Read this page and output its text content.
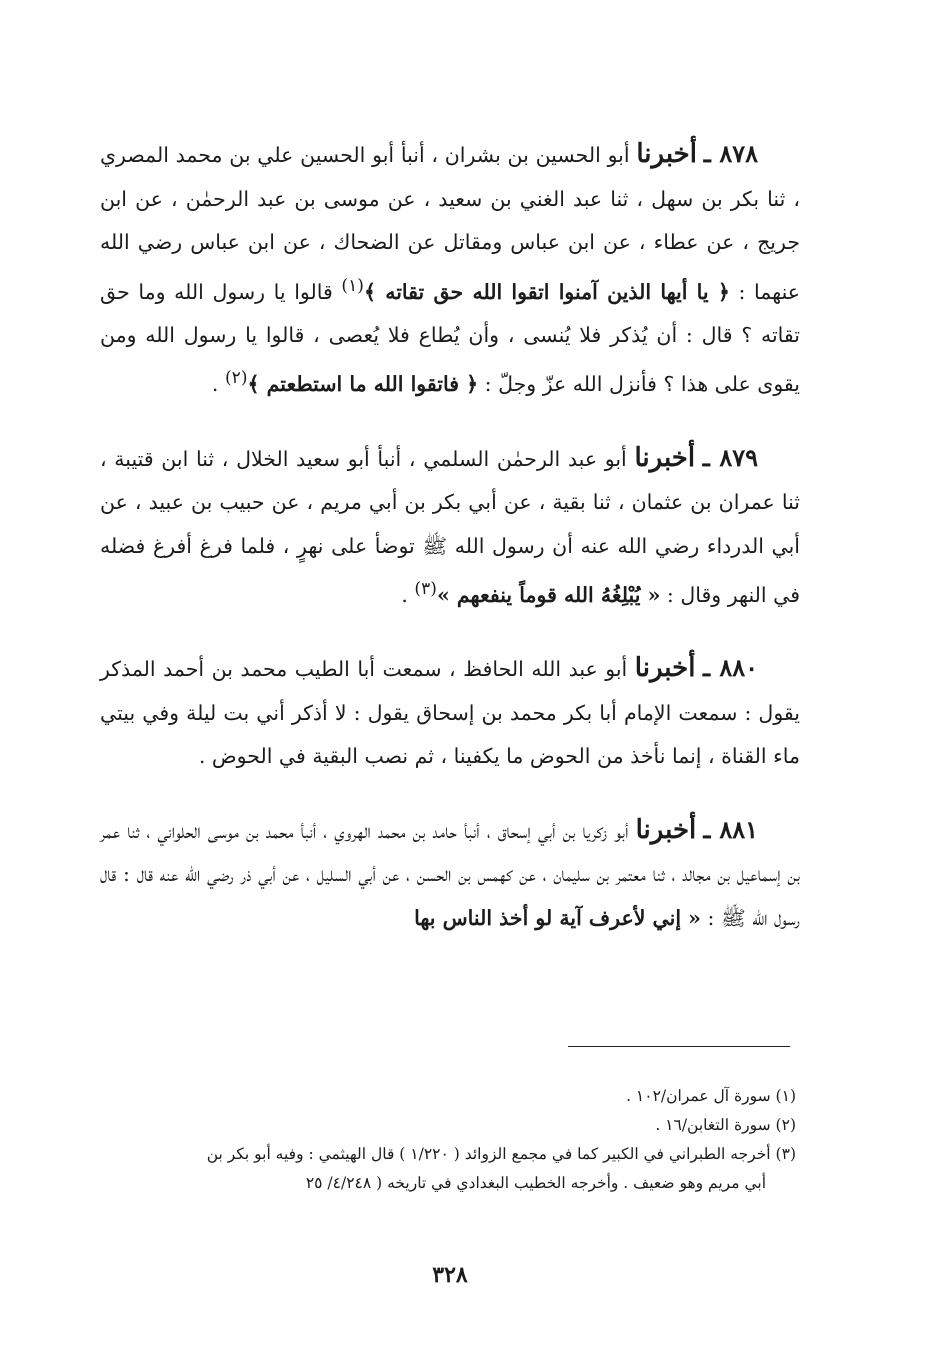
٨٧٨ ـ أخبرنا أبو الحسين بن بشران ، أنبأ أبو الحسين علي بن محمد المصري ، ثنا بكر بن سهل ، ثنا عبد الغني بن سعيد ، عن موسى بن عبد الرحمٰن ، عن ابن جريج ، عن عطاء ، عن ابن عباس ومقاتل عن الضحاك ، عن ابن عباس رضي الله عنهما : ﴿ يا أيها الذين آمنوا اتقوا الله حق تقاته ﴾$^{(١)}$ قالوا يا رسول الله وما حق تقاته ؟ قال : أن يُذكر فلا يُنسى ، وأن يُطاع فلا يُعصى ، قالوا يا رسول الله ومن يقوى على هذا ؟ فأنزل الله عزّ وجلّ : ﴿ فاتقوا الله ما استطعتم ﴾$^{(٢)}$ .

٨٧٩ ـ أخبرنا أبو عبد الرحمٰن السلمي ، أنبأ أبو سعيد الخلال ، ثنا ابن قتيبة ، ثنا عمران بن عثمان ، ثنا بقية ، عن أبي بكر بن أبي مريم ، عن حبيب بن عبيد ، عن أبي الدرداء رضي الله عنه أن رسول الله ﷺ توضأ على نهرٍ ، فلما فرغ أفرغ فضله في النهر وقال : « يُبْلِغُهُ الله قوماً ينفعهم »$^{(٣)}$ .

٨٨٠ ـ أخبرنا أبو عبد الله الحافظ ، سمعت أبا الطيب محمد بن أحمد المذكر يقول : سمعت الإمام أبا بكر محمد بن إسحاق يقول : لا أذكر أني بت ليلة وفي بيتي ماء القناة ، إنما نأخذ من الحوض ما يكفينا ، ثم نصب البقية في الحوض .

٨٨١ ـ أخبرنا أبو زكريا بن أبي إسحاق ، أنبأ حامد بن محمد الهروي ، أنبأ محمد بن موسى الحلواني ، ثنا عمر بن إسماعيل بن مجالد ، ثنا معتمر بن سليمان ، عن كهمس بن الحسن ، عن أبي السليل ، عن أبي ذر رضي الله عنه قال : قال رسول الله ﷺ : « إني لأعرف آية لو أخذ الناس بها

(١) سورة آل عمران/١٠٢ .

(٢) سورة التغابن/١٦ .

(٣) أخرجه الطبراني في الكبير كما في مجمع الزوائد ( ١/٢٢٠ ) قال الهيثمي : وفيه أبو بكر بن

أبي مريم وهو ضعيف . وأخرجه الخطيب البغدادي في تاريخه ( ٤/٢٤٨/ ٢٥

٣٢٨
